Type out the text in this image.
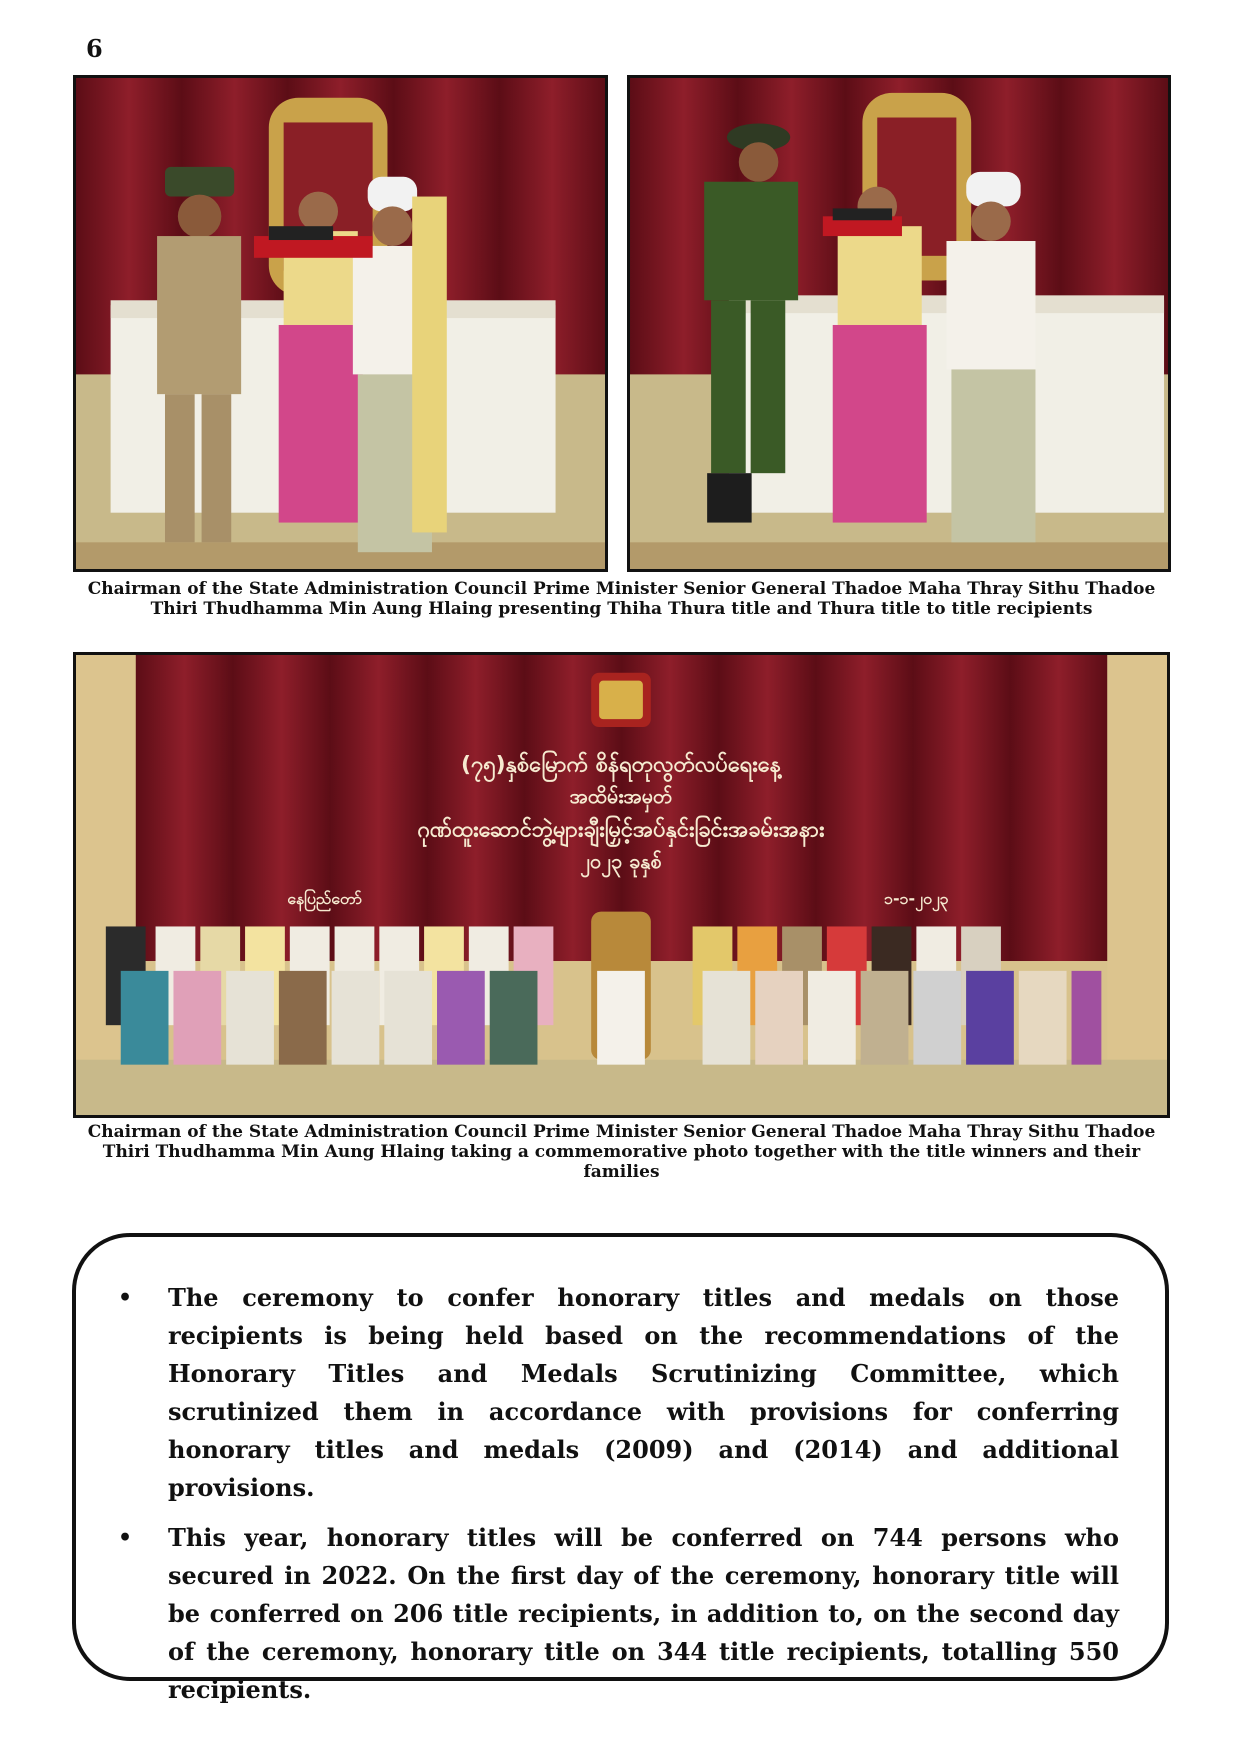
6
Chairman of the State Administration Council Prime Minister Senior General Thadoe Maha Thray Sithu Thadoe Thiri Thudhamma Min Aung Hlaing presenting Thiha Thura title and Thura title to title recipients
(၇၅)နှစ်မြောက် စိန်ရတုလွတ်လပ်ရေးနေ့
အထိမ်းအမှတ်
ဂုဏ်ထူးဆောင်ဘွဲ့များချီးမြှင့်အပ်နှင်းခြင်းအခမ်းအနား
၂၀၂၃ ခုနှစ်
နေပြည်တော်	၁-၁-၂၀၂၃
Chairman of the State Administration Council Prime Minister Senior General Thadoe Maha Thray Sithu Thadoe Thiri Thudhamma Min Aung Hlaing taking a commemorative photo together with the title winners and their families
• The ceremony to confer honorary titles and medals on those recipients is being held based on the recommendations of the Honorary Titles and Medals Scrutinizing Committee, which scrutinized them in accordance with provisions for conferring honorary titles and medals (2009) and (2014) and additional provisions.
• This year, honorary titles will be conferred on 744 persons who secured in 2022. On the first day of the ceremony, honorary title will be conferred on 206 title recipients, in addition to, on the second day of the ceremony, honorary title on 344 title recipients, totalling 550 recipients.
